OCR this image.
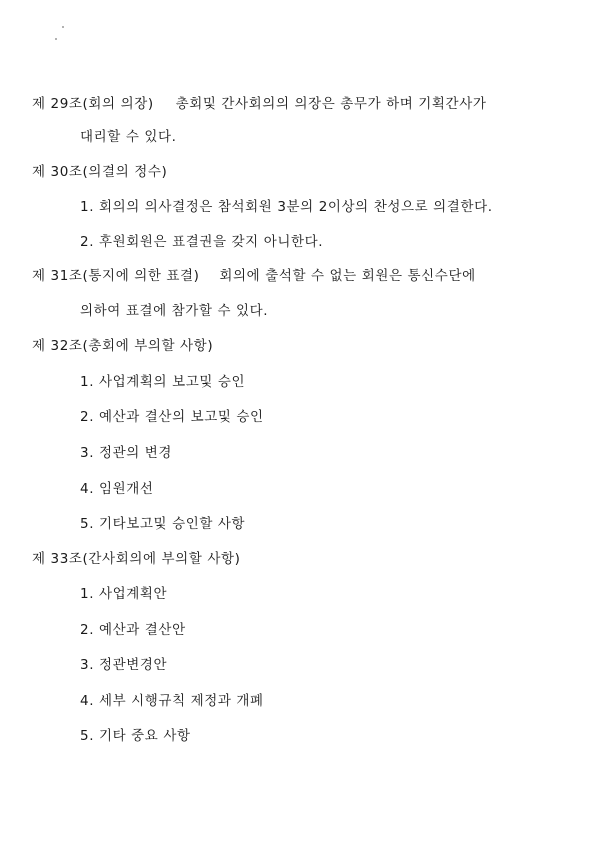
제 29조(회의 의장) 총회및 간사회의의 의장은 총무가 하며 기획간사가
대리할 수 있다.
제 30조(의결의 정수)
1. 회의의 의사결정은 참석회원 3분의 2이상의 찬성으로 의결한다.
2. 후원회원은 표결권을 갖지 아니한다.
제 31조(통지에 의한 표결) 회의에 출석할 수 없는 회원은 통신수단에
의하여 표결에 참가할 수 있다.
제 32조(총회에 부의할 사항)
1. 사업계획의 보고및 승인
2. 예산과 결산의 보고및 승인
3. 정관의 변경
4. 임원개선
5. 기타보고및 승인할 사항
제 33조(간사회의에 부의할 사항)
1. 사업계획안
2. 예산과 결산안
3. 정관변경안
4. 세부 시행규칙 제정과 개폐
5. 기타 중요 사항
